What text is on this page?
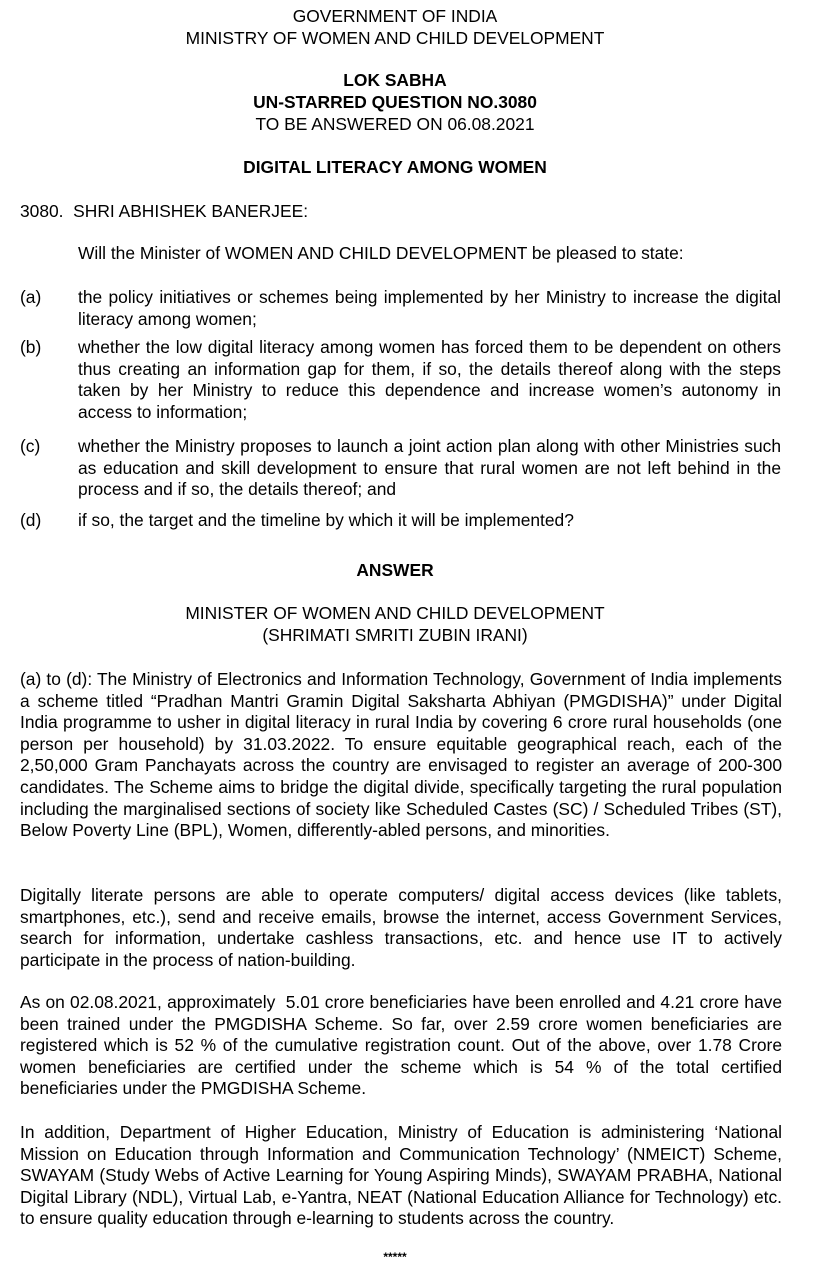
GOVERNMENT OF INDIA
MINISTRY OF WOMEN AND CHILD DEVELOPMENT
LOK SABHA
UN-STARRED QUESTION NO.3080
TO BE ANSWERED ON 06.08.2021
DIGITAL LITERACY AMONG WOMEN
3080.  SHRI ABHISHEK BANERJEE:
Will the Minister of WOMEN AND CHILD DEVELOPMENT be pleased to state:
(a)	the policy initiatives or schemes being implemented by her Ministry to increase the digital literacy among women;
(b)	whether the low digital literacy among women has forced them to be dependent on others thus creating an information gap for them, if so, the details thereof along with the steps taken by her Ministry to reduce this dependence and increase women’s autonomy in access to information;
(c)	whether the Ministry proposes to launch a joint action plan along with other Ministries such as education and skill development to ensure that rural women are not left behind in the process and if so, the details thereof; and
(d)	if so, the target and the timeline by which it will be implemented?
ANSWER
MINISTER OF WOMEN AND CHILD DEVELOPMENT
(SHRIMATI SMRITI ZUBIN IRANI)
(a) to (d): The Ministry of Electronics and Information Technology, Government of India implements a scheme titled “Pradhan Mantri Gramin Digital Saksharta Abhiyan (PMGDISHA)” under Digital India programme to usher in digital literacy in rural India by covering 6 crore rural households (one person per household) by 31.03.2022. To ensure equitable geographical reach, each of the 2,50,000 Gram Panchayats across the country are envisaged to register an average of 200-300 candidates. The Scheme aims to bridge the digital divide, specifically targeting the rural population including the marginalised sections of society like Scheduled Castes (SC) / Scheduled Tribes (ST), Below Poverty Line (BPL), Women, differently-abled persons, and minorities.
Digitally literate persons are able to operate computers/ digital access devices (like tablets, smartphones, etc.), send and receive emails, browse the internet, access Government Services, search for information, undertake cashless transactions, etc. and hence use IT to actively participate in the process of nation-building.
As on 02.08.2021, approximately  5.01 crore beneficiaries have been enrolled and 4.21 crore have been trained under the PMGDISHA Scheme. So far, over 2.59 crore women beneficiaries are registered which is 52 % of the cumulative registration count. Out of the above, over 1.78 Crore women beneficiaries are certified under the scheme which is 54 % of the total certified beneficiaries under the PMGDISHA Scheme.
In addition, Department of Higher Education, Ministry of Education is administering ‘National Mission on Education through Information and Communication Technology’ (NMEICT) Scheme, SWAYAM (Study Webs of Active Learning for Young Aspiring Minds), SWAYAM PRABHA, National Digital Library (NDL), Virtual Lab, e-Yantra, NEAT (National Education Alliance for Technology) etc. to ensure quality education through e-learning to students across the country.
*****
